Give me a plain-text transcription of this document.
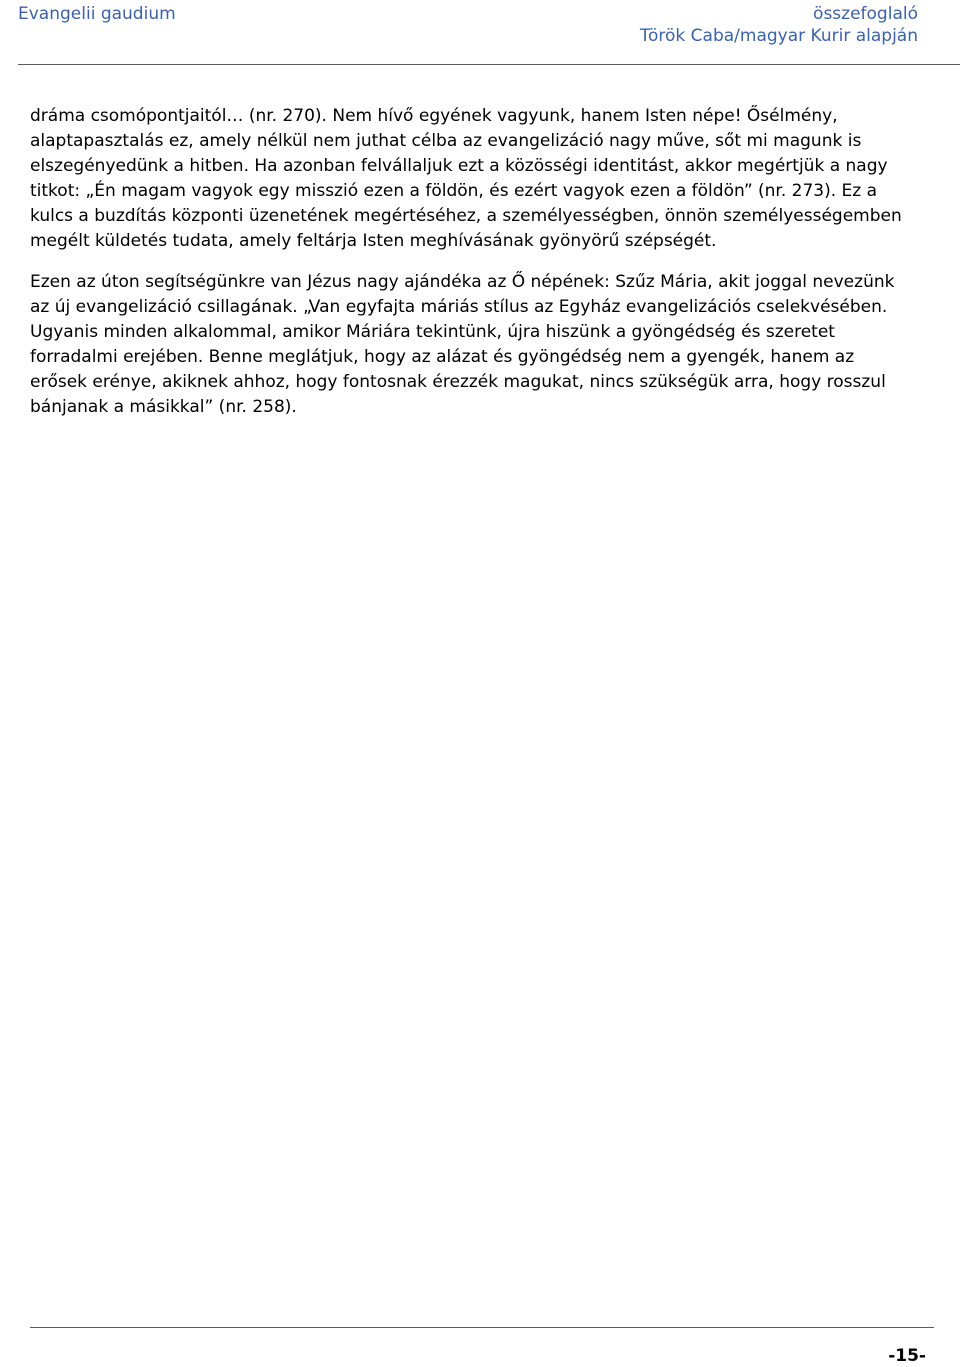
Evangelii gaudium	összefoglaló
Török Caba/magyar Kurir alapján

dráma csomópontjaitól… (nr. 270). Nem hívő egyének vagyunk, hanem Isten népe! Ősélmény, alaptapasztalás ez, amely nélkül nem juthat célba az evangelizáció nagy műve, sőt mi magunk is elszegényedünk a hitben. Ha azonban felvállaljuk ezt a közösségi identitást, akkor megértjük a nagy titkot: „Én magam vagyok egy misszió ezen a földön, és ezért vagyok ezen a földön” (nr. 273). Ez a kulcs a buzdítás központi üzenetének megértéséhez, a személyességben, önnön személyességemben megélt küldetés tudata, amely feltárja Isten meghívásának gyönyörű szépségét.

Ezen az úton segítségünkre van Jézus nagy ajándéka az Ő népének: Szűz Mária, akit joggal nevezünk az új evangelizáció csillagának. „Van egyfajta máriás stílus az Egyház evangelizációs cselekvésében. Ugyanis minden alkalommal, amikor Máriára tekintünk, újra hiszünk a gyöngédség és szeretet forradalmi erejében. Benne meglátjuk, hogy az alázat és gyöngédség nem a gyengék, hanem az erősek erénye, akiknek ahhoz, hogy fontosnak érezzék magukat, nincs szükségük arra, hogy rosszul bánjanak a másikkal” (nr. 258).

-15-
